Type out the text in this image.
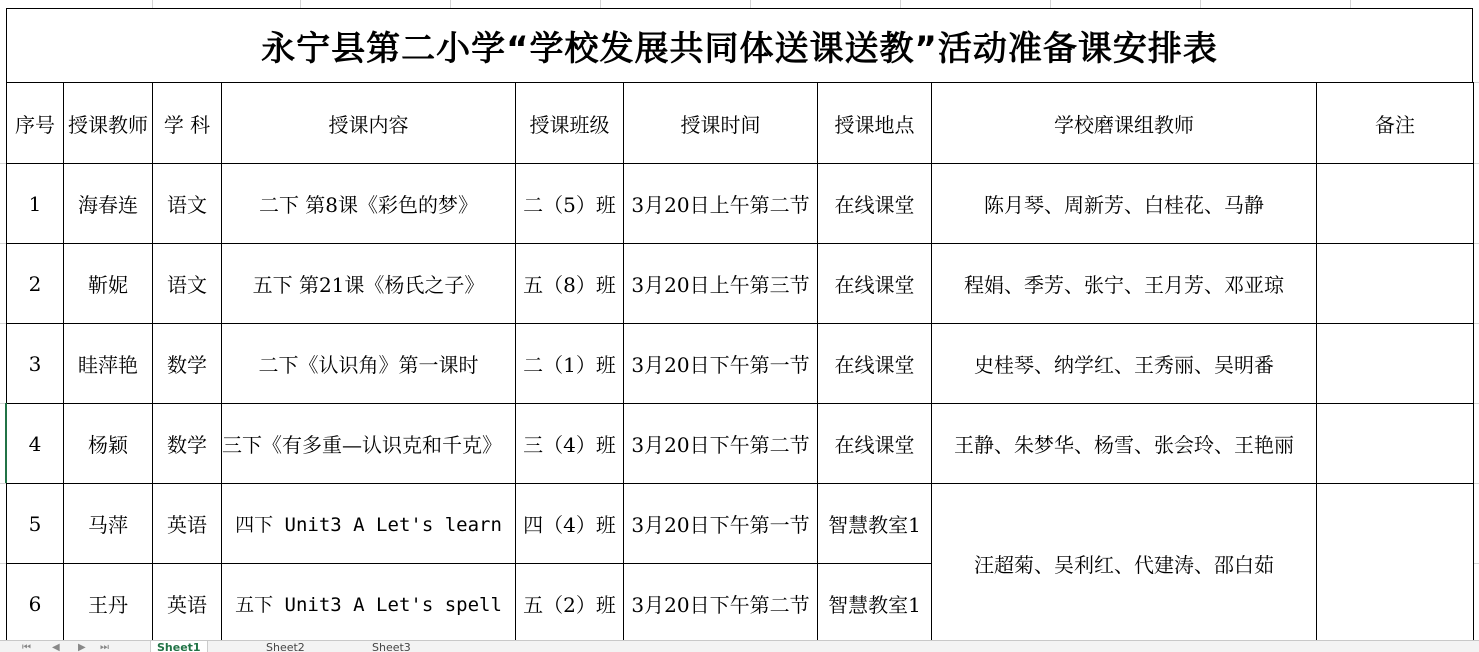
永宁县第二小学“学校发展共同体送课送教”活动准备课安排表
序号	授课教师	学 科	授课内容	授课班级	授课时间	授课地点	学校磨课组教师	备注
1	海春连	语文	二下 第8课《彩色的梦》	二（5）班	3月20日上午第二节	在线课堂	陈月琴、周新芳、白桂花、马静	
2	靳妮	语文	五下 第21课《杨氏之子》	五（8）班	3月20日上午第三节	在线课堂	程娟、季芳、张宁、王月芳、邓亚琼	
3	眭萍艳	数学	二下《认识角》第一课时	二（1）班	3月20日下午第一节	在线课堂	史桂琴、纳学红、王秀丽、吴明番	
4	杨颖	数学	三下《有多重—认识克和千克》	三（4）班	3月20日下午第二节	在线课堂	王静、朱梦华、杨雪、张会玲、王艳丽	
5	马萍	英语	四下 Unit3 A Let's learn	四（4）班	3月20日下午第一节	智慧教室1	汪超菊、吴利红、代建涛、邵白茹	
6	王丹	英语	五下 Unit3 A Let's spell	五（2）班	3月20日下午第二节	智慧教室1		
⏮ ◀ ▶ ⏭	Sheet1	Sheet2	Sheet3
